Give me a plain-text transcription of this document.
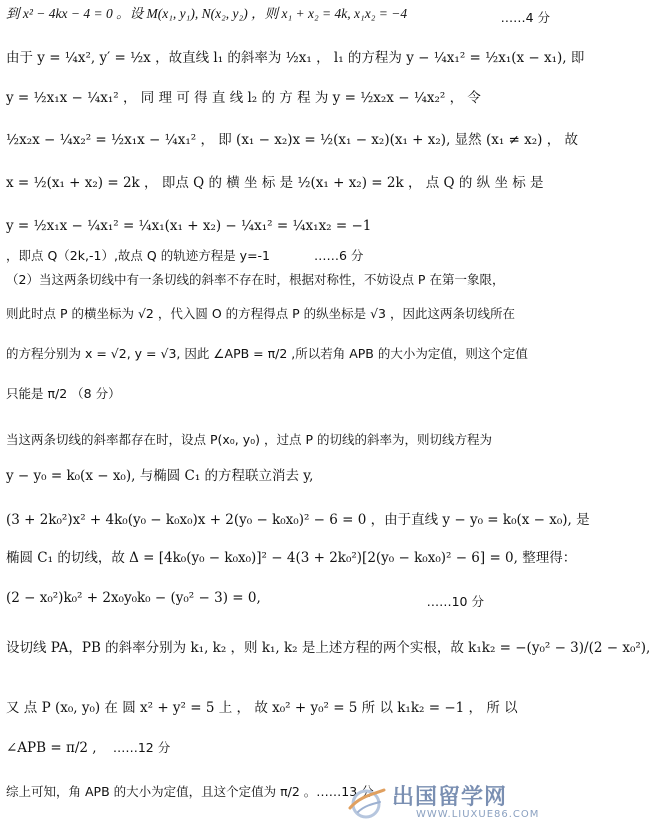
到 x² − 4kx − 4 = 0 。设 M(x₁, y₁), N(x₂, y₂) ，则 x₁ + x₂ = 4k, x₁x₂ = −4	……4 分
由于 y = ¼x², y′ = ½x ，故直线 l₁ 的斜率为 ½x₁ ， l₁ 的方程为 y − ¼x₁² = ½x₁(x − x₁), 即
y = ½x₁x − ¼x₁² ， 同 理 可 得 直 线 l₂ 的 方 程 为 y = ½x₂x − ¼x₂² ， 令
½x₂x − ¼x₂² = ½x₁x − ¼x₁² ， 即 (x₁ − x₂)x = ½(x₁ − x₂)(x₁ + x₂), 显然 (x₁ ≠ x₂) ， 故
x = ½(x₁ + x₂) = 2k ， 即点 Q 的 横 坐 标 是 ½(x₁ + x₂) = 2k ， 点 Q 的 纵 坐 标 是
y = ½x₁x − ¼x₁² = ¼x₁(x₁ + x₂) − ¼x₁² = ¼x₁x₂ = −1
，即点 Q（2k,-1）,故点 Q 的轨迹方程是 y=-1	……6 分
（2）当这两条切线中有一条切线的斜率不存在时，根据对称性，不妨设点 P 在第一象限，
则此时点 P 的横坐标为 √2 ，代入圆 O 的方程得点 P 的纵坐标是 √3 ，因此这两条切线所在
的方程分别为 x = √2, y = √3, 因此 ∠APB = π/2 ,所以若角 APB 的大小为定值，则这个定值
只能是 π/2 （8 分）
当这两条切线的斜率都存在时，设点 P(x₀, y₀) ，过点 P 的切线的斜率为，则切线方程为
y − y₀ = k₀(x − x₀), 与椭圆 C₁ 的方程联立消去 y,
(3 + 2k₀²)x² + 4k₀(y₀ − k₀x₀)x + 2(y₀ − k₀x₀)² − 6 = 0 ，由于直线 y − y₀ = k₀(x − x₀), 是
椭圆 C₁ 的切线，故 Δ = [4k₀(y₀ − k₀x₀)]² − 4(3 + 2k₀²)[2(y₀ − k₀x₀)² − 6] = 0, 整理得：
(2 − x₀²)k₀² + 2x₀y₀k₀ − (y₀² − 3) = 0,	……10 分
设切线 PA，PB 的斜率分别为 k₁, k₂ ，则 k₁, k₂ 是上述方程的两个实根，故 k₁k₂ = −(y₀² − 3)/(2 − x₀²),
又 点 P (x₀, y₀) 在 圆 x² + y² = 5 上 ， 故 x₀² + y₀² = 5 所 以 k₁k₂ = −1 ， 所 以
∠APB = π/2 , ……12 分
综上可知，角 APB 的大小为定值，且这个定值为 π/2 。……13 分 出国留学网
WWW.LIUXUE86.COM
